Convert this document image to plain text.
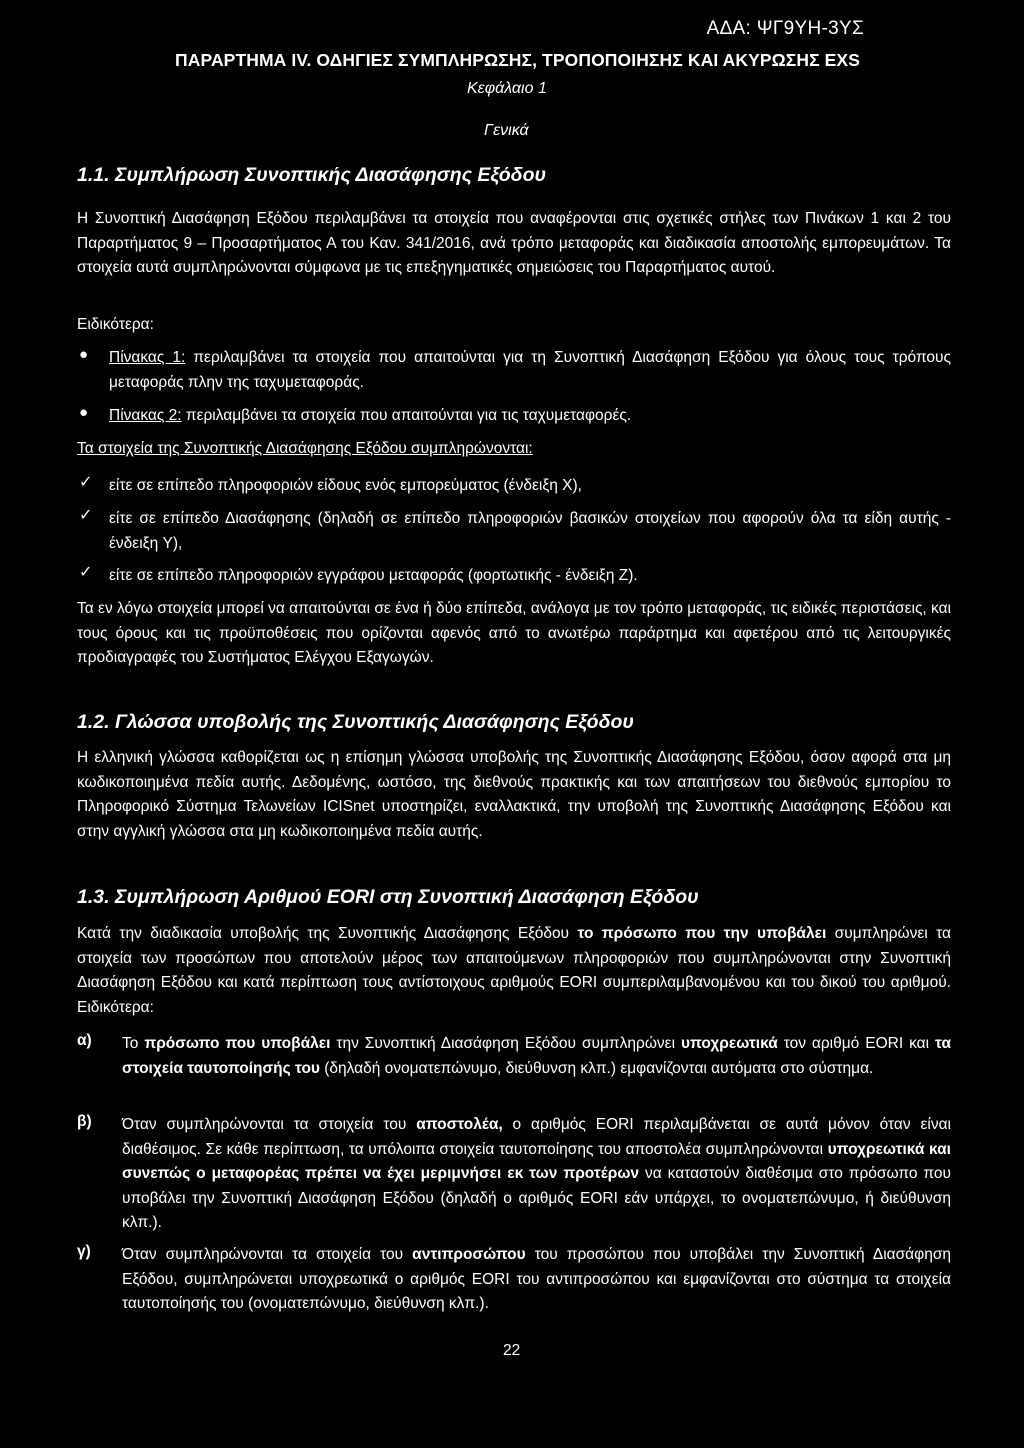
ΑΔΑ: ΨΓ9ΥΗ-3ΥΣ
ΠΑΡΑΡΤΗΜΑ IV. ΟΔΗΓΙΕΣ ΣΥΜΠΛΗΡΩΣΗΣ, ΤΡΟΠΟΠΟΙΗΣΗΣ ΚΑΙ ΑΚΥΡΩΣΗΣ EXS
Κεφάλαιο 1
Γενικά
1.1. Συμπλήρωση Συνοπτικής Διασάφησης Εξόδου
Η Συνοπτική Διασάφηση Εξόδου περιλαμβάνει τα στοιχεία που αναφέρονται στις σχετικές στήλες των Πινάκων 1 και 2 του Παραρτήματος 9 – Προσαρτήματος Α του Καν. 341/2016, ανά τρόπο μεταφοράς και διαδικασία αποστολής εμπορευμάτων. Τα στοιχεία αυτά συμπληρώνονται σύμφωνα με τις επεξηγηματικές σημειώσεις του Παραρτήματος αυτού.
Ειδικότερα:
● Πίνακας 1: περιλαμβάνει τα στοιχεία που απαιτούνται για τη Συνοπτική Διασάφηση Εξόδου για όλους τους τρόπους μεταφοράς πλην της ταχυμεταφοράς.
● Πίνακας 2: περιλαμβάνει τα στοιχεία που απαιτούνται για τις ταχυμεταφορές.
Τα στοιχεία της Συνοπτικής Διασάφησης Εξόδου συμπληρώνονται:
✓ είτε σε επίπεδο πληροφοριών είδους ενός εμπορεύματος (ένδειξη Χ),
✓ είτε σε επίπεδο Διασάφησης (δηλαδή σε επίπεδο πληροφοριών βασικών στοιχείων που αφορούν όλα τα είδη αυτής - ένδειξη Y),
✓ είτε σε επίπεδο πληροφοριών εγγράφου μεταφοράς (φορτωτικής - ένδειξη Ζ).
Τα εν λόγω στοιχεία μπορεί να απαιτούνται σε ένα ή δύο επίπεδα, ανάλογα με τον τρόπο μεταφοράς, τις ειδικές περιστάσεις, και τους όρους και τις προϋποθέσεις που ορίζονται αφενός από το ανωτέρω παράρτημα και αφετέρου από τις λειτουργικές προδιαγραφές του Συστήματος Ελέγχου Εξαγωγών.
1.2. Γλώσσα υποβολής της Συνοπτικής Διασάφησης Εξόδου
Η ελληνική γλώσσα καθορίζεται ως η επίσημη γλώσσα υποβολής της Συνοπτικής Διασάφησης Εξόδου, όσον αφορά στα μη κωδικοποιημένα πεδία αυτής. Δεδομένης, ωστόσο, της διεθνούς πρακτικής και των απαιτήσεων του διεθνούς εμπορίου το Πληροφορικό Σύστημα Τελωνείων ICISnet υποστηρίζει, εναλλακτικά, την υποβολή της Συνοπτικής Διασάφησης Εξόδου και στην αγγλική γλώσσα στα μη κωδικοποιημένα πεδία αυτής.
1.3. Συμπλήρωση Αριθμού EORI στη Συνοπτική Διασάφηση Εξόδου
Κατά την διαδικασία υποβολής της Συνοπτικής Διασάφησης Εξόδου το πρόσωπο που την υποβάλει συμπληρώνει τα στοιχεία των προσώπων που αποτελούν μέρος των απαιτούμενων πληροφοριών που συμπληρώνονται στην Συνοπτική Διασάφηση Εξόδου και κατά περίπτωση τους αντίστοιχους αριθμούς EORI συμπεριλαμβανομένου και του δικού του αριθμού. Ειδικότερα:
α) Το πρόσωπο που υποβάλει την Συνοπτική Διασάφηση Εξόδου συμπληρώνει υποχρεωτικά τον αριθμό EORI και τα στοιχεία ταυτοποίησής του (δηλαδή ονοματεπώνυμο, διεύθυνση κλπ.) εμφανίζονται αυτόματα στο σύστημα.
β) Όταν συμπληρώνονται τα στοιχεία του αποστολέα, ο αριθμός EORI περιλαμβάνεται σε αυτά μόνον όταν είναι διαθέσιμος. Σε κάθε περίπτωση, τα υπόλοιπα στοιχεία ταυτοποίησης του αποστολέα συμπληρώνονται υποχρεωτικά και συνεπώς ο μεταφορέας πρέπει να έχει μεριμνήσει εκ των προτέρων να καταστούν διαθέσιμα στο πρόσωπο που υποβάλει την Συνοπτική Διασάφηση Εξόδου (δηλαδή ο αριθμός EORI εάν υπάρχει, το ονοματεπώνυμο, ή διεύθυνση κλπ.).
γ) Όταν συμπληρώνονται τα στοιχεία του αντιπροσώπου του προσώπου που υποβάλει την Συνοπτική Διασάφηση Εξόδου, συμπληρώνεται υποχρεωτικά ο αριθμός EORI του αντιπροσώπου και εμφανίζονται στο σύστημα τα στοιχεία ταυτοποίησής του (ονοματεπώνυμο, διεύθυνση κλπ.).
22
